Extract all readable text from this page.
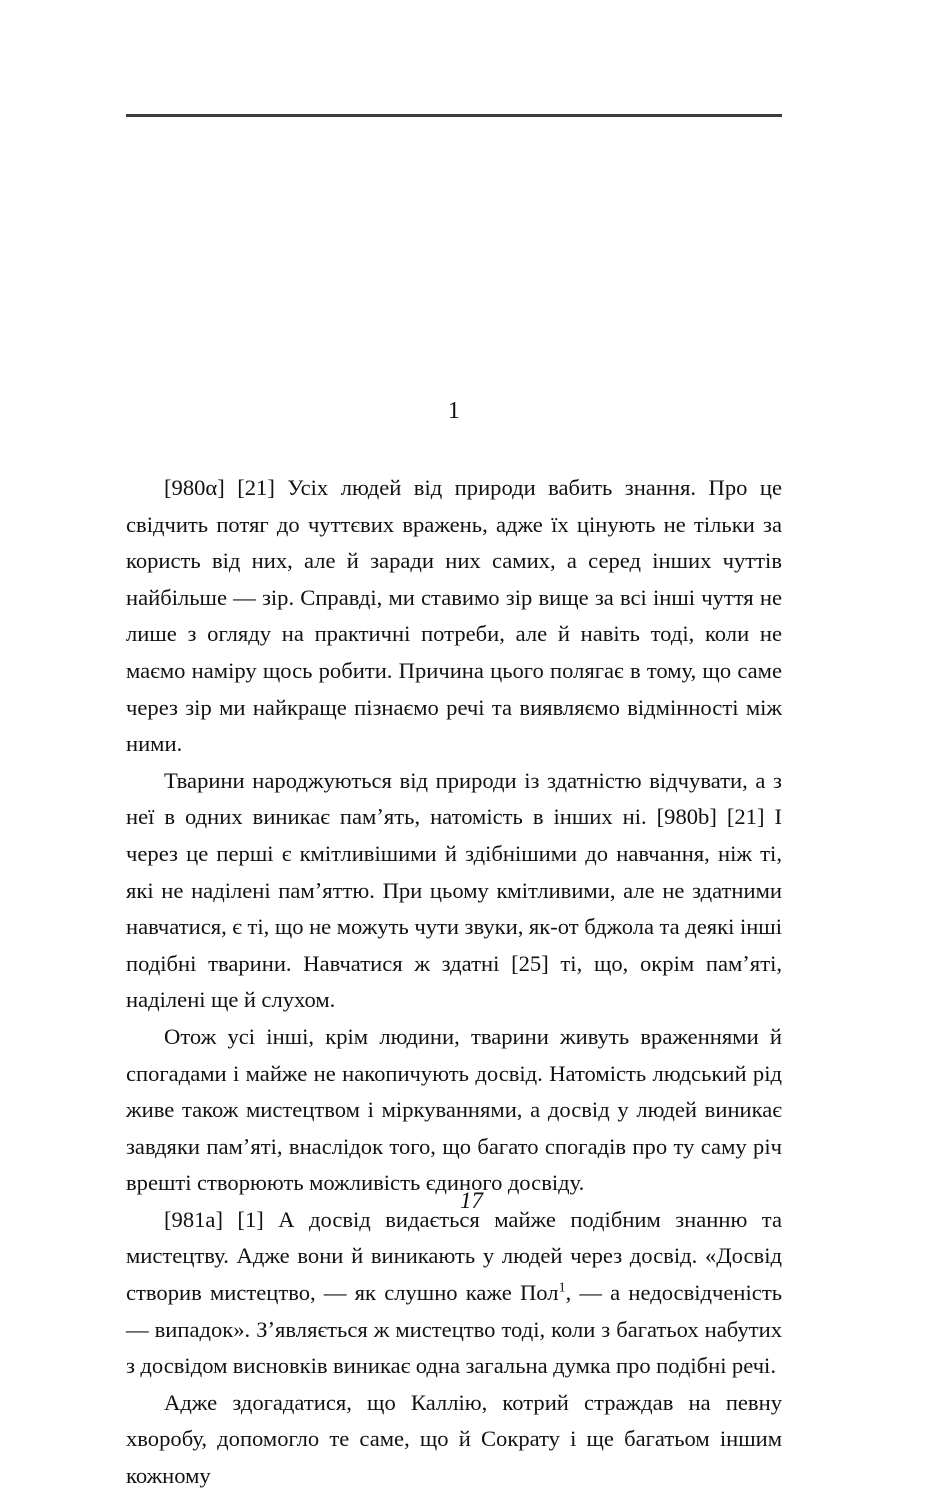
1

[980α] [21] Усіх людей від природи вабить знання. Про це свідчить потяг до чуттєвих вражень, адже їх цінують не тільки за користь від них, але й заради них самих, а серед інших чуттів найбільше — зір. Справді, ми ставимо зір вище за всі інші чуття не лише з огляду на практичні потреби, але й навіть тоді, коли не маємо наміру щось робити. Причина цього полягає в тому, що саме через зір ми найкраще пізнаємо речі та виявляємо відмінності між ними.

Тварини народжуються від природи із здатністю відчувати, а з неї в одних виникає памʼять, натомість в інших ні. [980b] [21] І через це перші є кмітливішими й здібнішими до навчання, ніж ті, які не наділені памʼяттю. При цьому кмітливими, але не здатними навчатися, є ті, що не можуть чути звуки, як-от бджола та деякі інші подібні тварини. Навчатися ж здатні [25] ті, що, окрім памʼяті, наділені ще й слухом.

Отож усі інші, крім людини, тварини живуть враженнями й спогадами і майже не накопичують досвід. Натомість людський рід живе також мистецтвом і міркуваннями, а досвід у людей виникає завдяки памʼяті, внаслідок того, що багато спогадів про ту саму річ врешті створюють можливість єдиного досвіду.

[981a] [1] А досвід видається майже подібним знанню та мистецтву. Адже вони й виникають у людей через досвід. «Досвід створив мистецтво, — як слушно каже Пол$^1$, — а недосвідченість — випадок». Зʼявляється ж мистецтво тоді, коли з багатьох набутих з досвідом висновків виникає одна загальна думка про подібні речі.

Адже здогадатися, що Каллію, котрий страждав на певну хворобу, допомогло те саме, що й Сократу і ще багатьом іншим кожному

17
